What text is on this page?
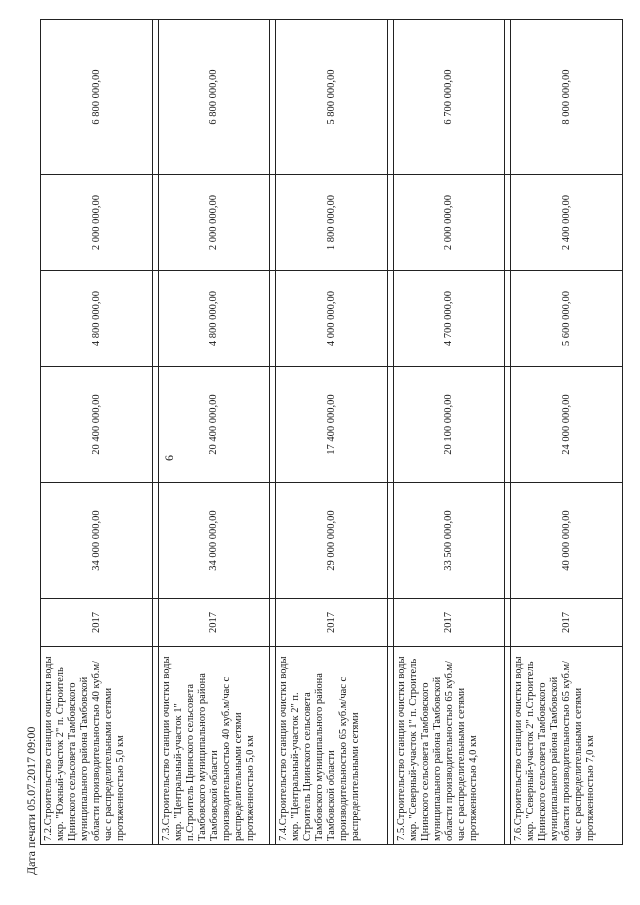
Дата печати 05.07.2017 09:00
6
7.2.Строительство станции очистки воды мкр. "Южный-участок 2" п. Строитель Цнинского сельсовета Тамбовского муниципального района Тамбовской области производительностью 40 куб.м/час с распределительными сетями протяженностью 5,0 км	2017	34 000 000,00	20 400 000,00	4 800 000,00	2 000 000,00	6 800 000,00

7.3.Строительство станции очистки воды мкр. "Центральный-участок 1" п.Строитель Цнинского сельсовета Тамбовского муниципального района Тамбовской области производительностью 40 куб.м/час с распределительными сетями протяженностью 5,0 км	2017	34 000 000,00	20 400 000,00	4 800 000,00	2 000 000,00	6 800 000,00

7.4.Строительство станции очистки воды мкр. "Центральный-участок 2" п. Строитель Цнинского сельсовета Тамбовского муниципального района Тамбовской области производительностью 65 куб.м/час с распределительными сетями	2017	29 000 000,00	17 400 000,00	4 000 000,00	1 800 000,00	5 800 000,00

7.5.Строительство станции очистки воды мкр. "Северный-участок 1" п. Строитель Цнинского сельсовета Тамбовского муниципального района Тамбовской области производительностью 65 куб.м/час с распределительными сетями протяженностью 4,0 км	2017	33 500 000,00	20 100 000,00	4 700 000,00	2 000 000,00	6 700 000,00

7.6.Строительство станции очистки воды мкр. "Северный-участок 2" п.Строитель Цнинского сельсовета Тамбовского муниципального района Тамбовской области производительностью 65 куб.м/час с распределительными сетями протяженностью 7,0 км	2017	40 000 000,00	24 000 000,00	5 600 000,00	2 400 000,00	8 000 000,00
